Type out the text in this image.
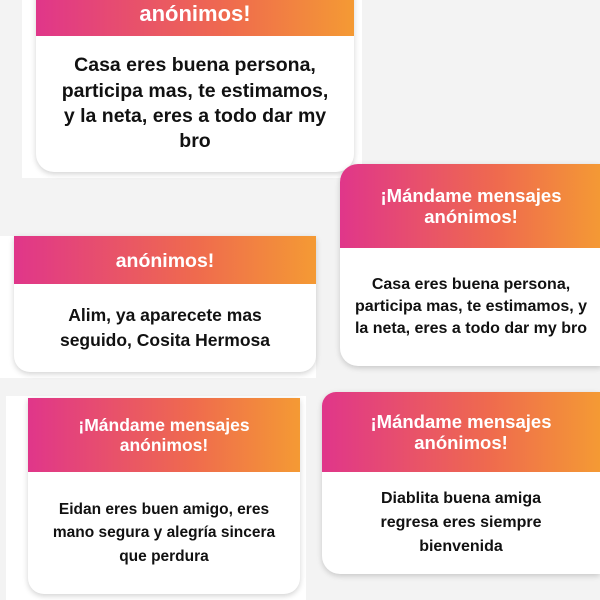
anónimos!
Casa eres buena persona, participa mas, te estimamos, y la neta, eres a todo dar my bro
¡Mándame mensajes anónimos!
Casa eres buena persona, participa mas, te estimamos, y la neta, eres a todo dar my bro
anónimos!
Alim, ya aparecete mas seguido, Cosita Hermosa
¡Mándame mensajes anónimos!
Eidan eres buen amigo, eres mano segura y alegría sincera que perdura
¡Mándame mensajes anónimos!
Diablita buena amiga regresa eres siempre bienvenida
